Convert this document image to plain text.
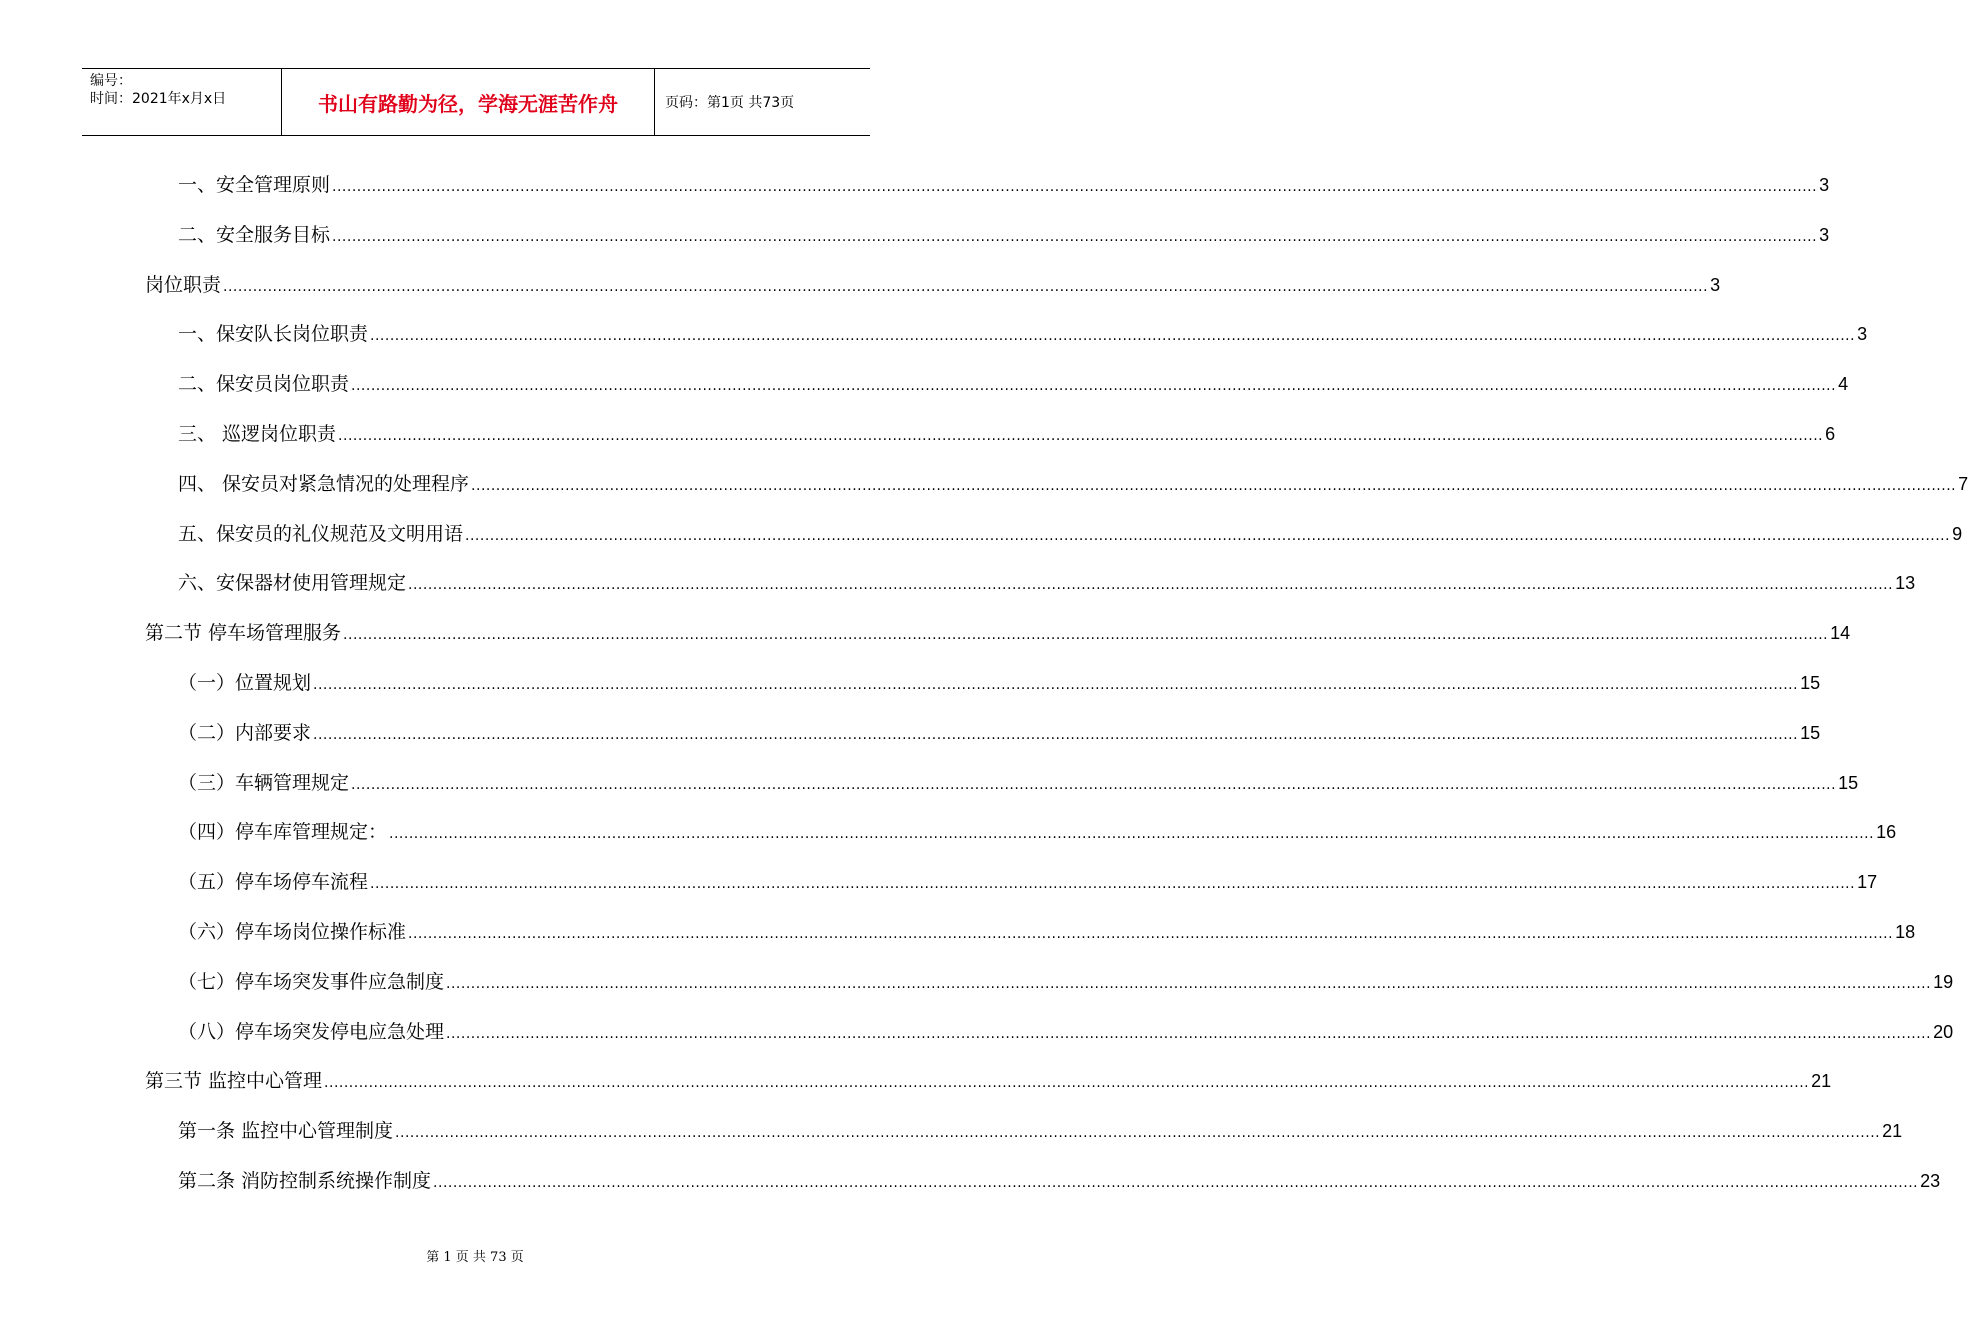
编号：
时间：2021年x月x日	书山有路勤为径，学海无涯苦作舟	页码：第1页 共73页
一、安全管理原则 ............................................................................................................................................................................................................................................................................................................ 3
二、安全服务目标 ............................................................................................................................................................................................................................................................................................................ 3
岗位职责 ............................................................................................................................................................................................................................................................................................................ 3
一、保安队长岗位职责 ............................................................................................................................................................................................................................................................................................................ 3
二、保安员岗位职责 ............................................................................................................................................................................................................................................................................................................ 4
三、 巡逻岗位职责 ............................................................................................................................................................................................................................................................................................................ 6
四、 保安员对紧急情况的处理程序 ............................................................................................................................................................................................................................................................................................................ 7
五、保安员的礼仪规范及文明用语 ............................................................................................................................................................................................................................................................................................................ 9
六、安保器材使用管理规定 ............................................................................................................................................................................................................................................................................................................ 13
第二节 停车场管理服务 ............................................................................................................................................................................................................................................................................................................ 14
（一）位置规划 ............................................................................................................................................................................................................................................................................................................ 15
（二）内部要求 ............................................................................................................................................................................................................................................................................................................ 15
（三）车辆管理规定 ............................................................................................................................................................................................................................................................................................................ 15
（四）停车库管理规定： ............................................................................................................................................................................................................................................................................................................ 16
（五）停车场停车流程 ............................................................................................................................................................................................................................................................................................................ 17
（六）停车场岗位操作标准 ............................................................................................................................................................................................................................................................................................................ 18
（七）停车场突发事件应急制度 ............................................................................................................................................................................................................................................................................................................ 19
（八）停车场突发停电应急处理 ............................................................................................................................................................................................................................................................................................................ 20
第三节 监控中心管理 ............................................................................................................................................................................................................................................................................................................ 21
第一条 监控中心管理制度 ............................................................................................................................................................................................................................................................................................................ 21
第二条 消防控制系统操作制度 ............................................................................................................................................................................................................................................................................................................ 23
第 1 页 共 73 页
